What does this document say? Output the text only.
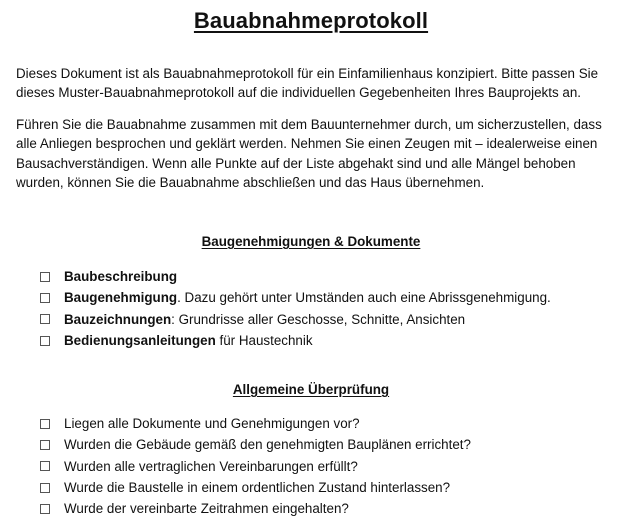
Bauabnahmeprotokoll

Dieses Dokument ist als Bauabnahmeprotokoll für ein Einfamilienhaus konzipiert. Bitte passen Sie dieses Muster-Bauabnahmeprotokoll auf die individuellen Gegebenheiten Ihres Bauprojekts an.

Führen Sie die Bauabnahme zusammen mit dem Bauunternehmer durch, um sicherzustellen, dass alle Anliegen besprochen und geklärt werden. Nehmen Sie einen Zeugen mit – idealerweise einen Bausachverständigen. Wenn alle Punkte auf der Liste abgehakt sind und alle Mängel behoben wurden, können Sie die Bauabnahme abschließen und das Haus übernehmen.

Baugenehmigungen & Dokumente
Baubeschreibung
Baugenehmigung. Dazu gehört unter Umständen auch eine Abrissgenehmigung.
Bauzeichnungen: Grundrisse aller Geschosse, Schnitte, Ansichten
Bedienungsanleitungen für Haustechnik
Allgemeine Überprüfung
Liegen alle Dokumente und Genehmigungen vor?
Wurden die Gebäude gemäß den genehmigten Bauplänen errichtet?
Wurden alle vertraglichen Vereinbarungen erfüllt?
Wurde die Baustelle in einem ordentlichen Zustand hinterlassen?
Wurde der vereinbarte Zeitrahmen eingehalten?
